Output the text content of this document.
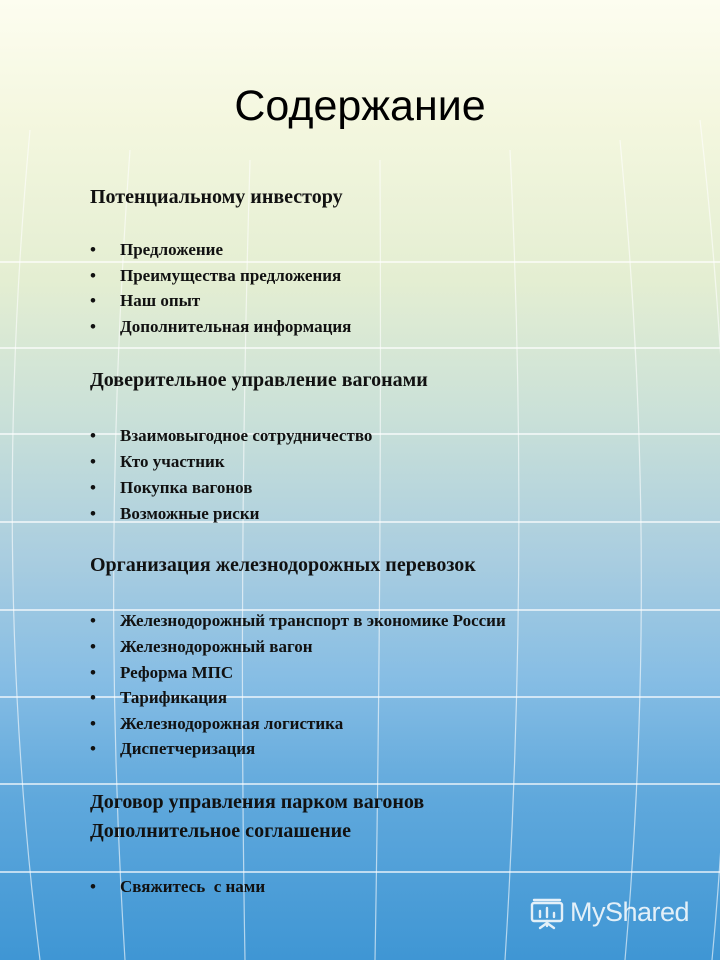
Содержание
Потенциальному инвестору
• Предложение
• Преимущества предложения
• Наш опыт
• Дополнительная информация
Доверительное управление вагонами
• Взаимовыгодное сотрудничество
• Кто участник
• Покупка вагонов
• Возможные риски
Организация железнодорожных перевозок
• Железнодорожный транспорт в экономике России
• Железнодорожный вагон
• Реформа МПС
• Тарификация
• Железнодорожная логистика
• Диспетчеризация
Договор управления парком вагонов
Дополнительное соглашение
• Свяжитесь  с нами
MyShared
